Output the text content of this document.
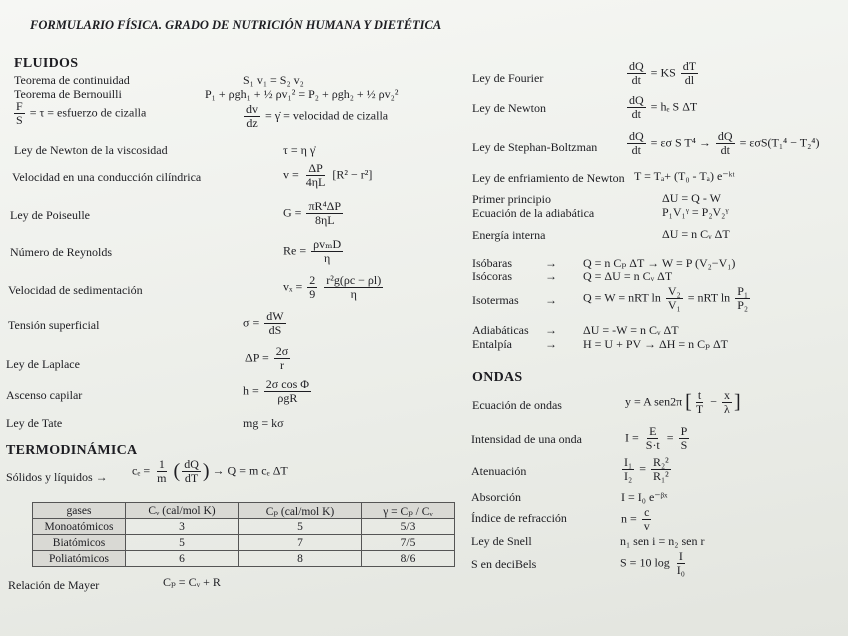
FORMULARIO FÍSICA. GRADO DE NUTRICIÓN HUMANA Y DIETÉTICA
FLUIDOS
Teorema de continuidad	S₁ v₁ = S₂ v₂
Teorema de Bernouilli	P₁ + ρgh₁ + ½ ρv₁² = P₂ + ρgh₂ + ½ ρv₂²
$\frac{F}{S} = \tau$ = esfuerzo de cizalla	$\frac{dv}{dz}$ = γ̇ = velocidad de cizalla
Ley de Newton de la viscosidad	τ = η γ̇
Velocidad en una conducción cilíndrica	$v = \frac{\Delta P}{4\eta L} [R^2 - r^2]$
Ley de Poiseulle	$G = \frac{\text{πR⁴ΔP}}{8\eta L}$
Número de Reynolds	$Re = \frac{\text{ρvₘD}}{\eta}$
Velocidad de sedimentación	$v_x = \frac{2}{9}$
$\frac{\text{r²g(ρc − ρl)}}{\eta}$
Tensión superficial	$\sigma = \frac{dW}{dS}$
Ley de Laplace	$\Delta P = \frac{2\sigma}{r}$
Ascenso capilar	$h = \frac{\text{2σ cos Φ}}{\text{ρgR}}$
Ley de Tate	mg = kσ
TERMODINÁMICA
Sólidos y líquidos → $c_e = \frac{1}{m}$ ( $\frac{dQ}{dT}$ ) → Q = m cₑ ΔT
gases	Cᵥ (cal/mol K)	Cₚ (cal/mol K)	γ = Cₚ / Cᵥ
Monoatómicos	3	5	5/3
Biatómicos	5	7	7/5
Poliatómicos	6	8	8/6
Relación de Mayer	Cₚ = Cᵥ + R
Ley de Fourier	$\frac{dQ}{dt}$ = KS $\frac{dT}{dl}$
Ley de Newton	$\frac{dQ}{dt} = h_e$ S ΔT
Ley de Stephan-Boltzman $\frac{dQ}{dt} = \varepsilon\sigma$ S $T^4 \to \frac{dQ}{dt} = \varepsilon\sigma S(T_1^4 - T_2^4)$
Ley de enfriamiento de Newton T = Tₐ+ (T₀ - Tₐ) e⁻ᵏᵗ
Primer principio	ΔU = Q - W
Ecuación de la adiabática	P₁V₁ᵞ = P₂V₂ᵞ
Energía interna	ΔU = n Cᵥ ΔT
Isóbaras	→ Q = n Cₚ ΔT → W = P (V₂−V₁)
Isócoras	→ Q = ΔU = n Cᵥ ΔT
Isotermas → Q = W = nRT $\ln \frac{\text{V₂}}{\text{V₁}}$ = nRT $\ln \frac{\text{P₁}}{\text{P₂}}$
Adiabáticas → ΔU = -W = n Cᵥ ΔT
Entalpía	→ H = U + PV → ΔH = n Cₚ ΔT
ONDAS
Ecuación de ondas	y = A sen2π [ $\frac{t}{T} - \frac{x}{\lambda}$ ]
Intensidad de una onda	$I = \frac{E}{S\cdot t} = \frac{P}{S}$
Atenuación	$\frac{\text{I₁}}{\text{I₂}} = \frac{\text{R₂²}}{\text{R₁²}}$
Absorción	I = I₀ e⁻ᵝˣ
Índice de refracción	$n = \frac{c}{v}$
Ley de Snell	n₁ sen i = n₂ sen r
S en deciBels	S = 10 $\log \frac{I}{\text{I₀}}$
